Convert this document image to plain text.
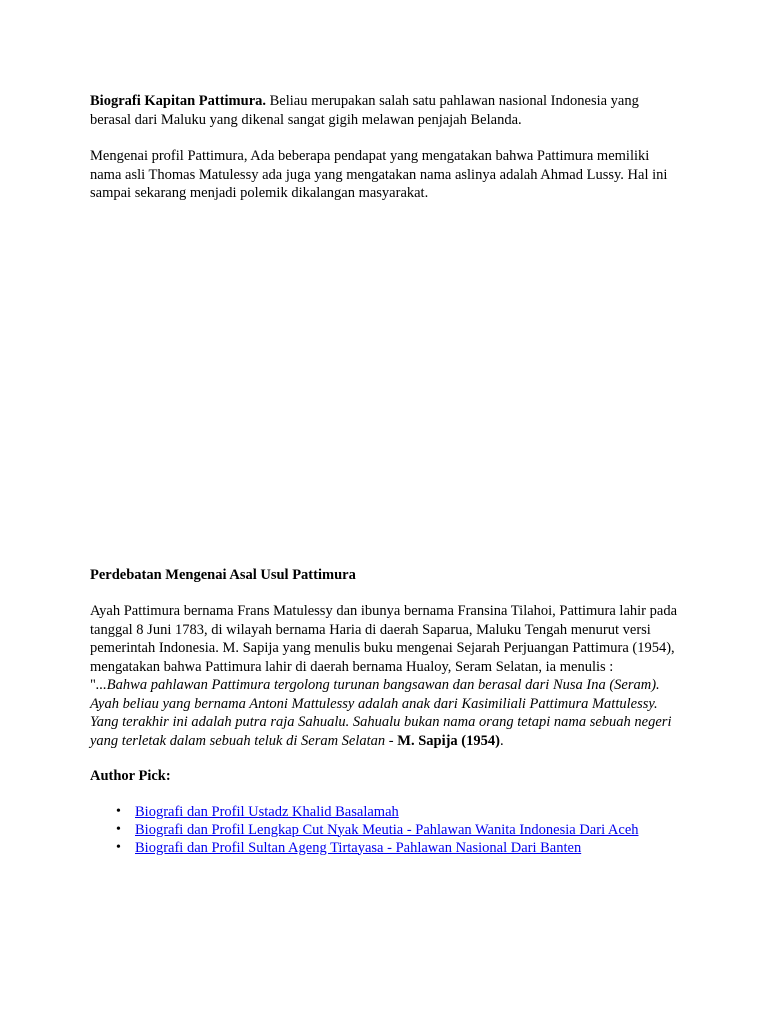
Biografi Kapitan Pattimura. Beliau merupakan salah satu pahlawan nasional Indonesia yang berasal dari Maluku yang dikenal sangat gigih melawan penjajah Belanda.

Mengenai profil Pattimura, Ada beberapa pendapat yang mengatakan bahwa Pattimura memiliki nama asli Thomas Matulessy ada juga yang mengatakan nama aslinya adalah Ahmad Lussy. Hal ini sampai sekarang menjadi polemik dikalangan masyarakat.

Perdebatan Mengenai Asal Usul Pattimura

Ayah Pattimura bernama Frans Matulessy dan ibunya bernama Fransina Tilahoi, Pattimura lahir pada tanggal 8 Juni 1783, di wilayah bernama Haria di daerah Saparua, Maluku Tengah menurut versi pemerintah Indonesia. M. Sapija yang menulis buku mengenai Sejarah Perjuangan Pattimura (1954), mengatakan bahwa Pattimura lahir di daerah bernama Hualoy, Seram Selatan, ia menulis :
"...Bahwa pahlawan Pattimura tergolong turunan bangsawan dan berasal dari Nusa Ina (Seram). Ayah beliau yang bernama Antoni Mattulessy adalah anak dari Kasimiliali Pattimura Mattulessy. Yang terakhir ini adalah putra raja Sahualu. Sahualu bukan nama orang tetapi nama sebuah negeri yang terletak dalam sebuah teluk di Seram Selatan - M. Sapija (1954).

Author Pick:

• Biografi dan Profil Ustadz Khalid Basalamah
• Biografi dan Profil Lengkap Cut Nyak Meutia - Pahlawan Wanita Indonesia Dari Aceh
• Biografi dan Profil Sultan Ageng Tirtayasa - Pahlawan Nasional Dari Banten
